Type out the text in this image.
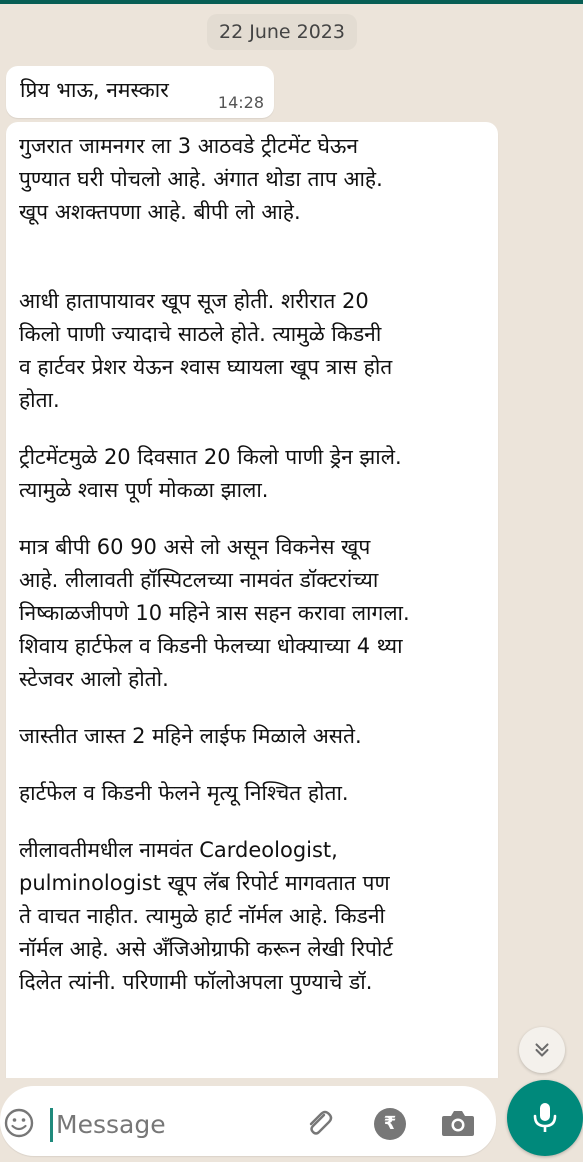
22 June 2023
प्रिय भाऊ, नमस्कार
14:28

गुजरात जामनगर ला 3 आठवडे ट्रीटमेंट घेऊन
पुण्यात घरी पोचलो आहे. अंगात थोडा ताप आहे.
खूप अशक्तपणा आहे. बीपी लो आहे.

आधी हातापायावर खूप सूज होती. शरीरात 20
किलो पाणी ज्यादाचे साठले होते. त्यामुळे किडनी
व हार्टवर प्रेशर येऊन श्वास घ्यायला खूप त्रास होत
होता.

ट्रीटमेंटमुळे 20 दिवसात 20 किलो पाणी ड्रेन झाले.
त्यामुळे श्वास पूर्ण मोकळा झाला.

मात्र बीपी 60 90 असे लो असून विकनेस खूप
आहे. लीलावती हॉस्पिटलच्या नामवंत डॉक्टरांच्या
निष्काळजीपणे 10 महिने त्रास सहन करावा लागला.
शिवाय हार्टफेल व किडनी फेलच्या धोक्याच्या 4 थ्या
स्टेजवर आलो होतो.

जास्तीत जास्त 2 महिने लाईफ मिळाले असते.

हार्टफेल व किडनी फेलने मृत्यू निश्चित होता.

लीलावतीमधील नामवंत Cardeologist,
pulminologist खूप लॅब रिपोर्ट मागवतात पण
ते वाचत नाहीत. त्यामुळे हार्ट नॉर्मल आहे. किडनी
नॉर्मल आहे. असे अँजिओग्राफी करून लेखी रिपोर्ट
दिलेत त्यांनी. परिणामी फॉलोअपला पुण्याचे डॉ.

Message	₹
